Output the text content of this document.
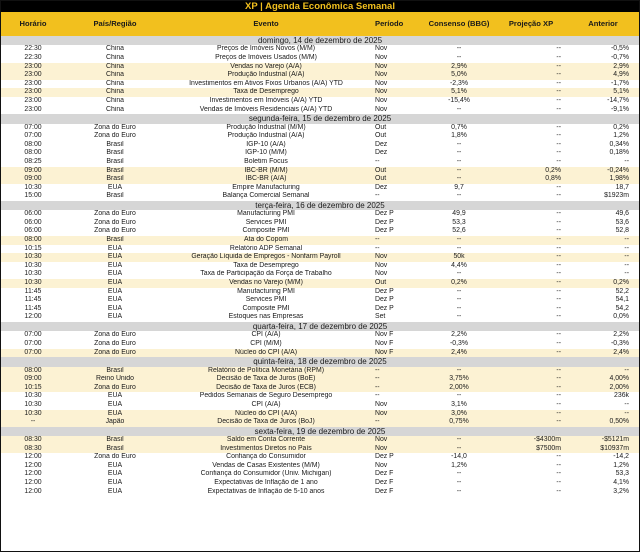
XP | Agenda Econômica Semanal
Horário	País/Região	Evento	Período	Consenso (BBG)	Projeção XP	Anterior
domingo, 14 de dezembro de 2025
22:30	China	Preços de Imóveis Novos (M/M)	Nov	--	--	-0,5%
22:30	China	Preços de Imóveis Usados (M/M)	Nov	--	--	-0,7%
23:00	China	Vendas no Varejo (A/A)	Nov	2,9%	--	2,9%
23:00	China	Produção Industrial (A/A)	Nov	5,0%	--	4,9%
23:00	China	Investimentos em Ativos Fixos Urbanos (A/A) YTD	Nov	-2,3%	--	-1,7%
23:00	China	Taxa de Desemprego	Nov	5,1%	--	5,1%
23:00	China	Investimentos em Imóveis (A/A) YTD	Nov	-15,4%	--	-14,7%
23:00	China	Vendas de Imóveis Residenciais (A/A) YTD	Nov	--	--	-9,1%
segunda-feira, 15 de dezembro de 2025
07:00	Zona do Euro	Produção Industrial (M/M)	Out	0,7%	--	0,2%
07:00	Zona do Euro	Produção Industrial (A/A)	Out	1,8%	--	1,2%
08:00	Brasil	IGP-10 (A/A)	Dez	--	--	0,34%
08:00	Brasil	IGP-10 (M/M)	Dez	--	--	0,18%
08:25	Brasil	Boletim Focus	--	--	--	--
09:00	Brasil	IBC-BR (M/M)	Out	--	0,2%	-0,24%
09:00	Brasil	IBC-BR (A/A)	Out	--	0,8%	1,98%
10:30	EUA	Empire Manufacturing	Dez	9,7	--	18,7
15:00	Brasil	Balança Comercial Semanal	--	--	--	$1923m
terça-feira, 16 de dezembro de 2025
06:00	Zona do Euro	Manufacturing PMI	Dez P	49,9	--	49,6
06:00	Zona do Euro	Services PMI	Dez P	53,3	--	53,6
06:00	Zona do Euro	Composite PMI	Dez P	52,6	--	52,8
08:00	Brasil	Ata do Copom	--	--	--	--
10:15	EUA	Relatório ADP Semanal	--	--	--	--
10:30	EUA	Geração Líquida de Empregos - Nonfarm Payroll	Nov	50k	--	--
10:30	EUA	Taxa de Desemprego	Nov	4,4%	--	--
10:30	EUA	Taxa de Participação da Força de Trabalho	Nov	--	--	--
10:30	EUA	Vendas no Varejo (M/M)	Out	0,2%	--	0,2%
11:45	EUA	Manufacturing PMI	Dez P	--	--	52,2
11:45	EUA	Services PMI	Dez P	--	--	54,1
11:45	EUA	Composite PMI	Dez P	--	--	54,2
12:00	EUA	Estoques nas Empresas	Set	--	--	0,0%
quarta-feira, 17 de dezembro de 2025
07:00	Zona do Euro	CPI (A/A)	Nov F	2,2%	--	2,2%
07:00	Zona do Euro	CPI (M/M)	Nov F	-0,3%	--	-0,3%
07:00	Zona do Euro	Núcleo do CPI (A/A)	Nov F	2,4%	--	2,4%
quinta-feira, 18 de dezembro de 2025
08:00	Brasil	Relatório de Política Monetária (RPM)	--	--	--	--
09:00	Reino Unido	Decisão de Taxa de Juros (BoE)	--	3,75%	--	4,00%
10:15	Zona do Euro	Decisão de Taxa de Juros (ECB)	--	2,00%	--	2,00%
10:30	EUA	Pedidos Semanais de Seguro Desemprego	--	--	--	236k
10:30	EUA	CPI (A/A)	Nov	3,1%	--	--
10:30	EUA	Núcleo do CPI (A/A)	Nov	3,0%	--	--
--	Japão	Decisão de Taxa de Juros (BoJ)	--	0,75%	--	0,50%
sexta-feira, 19 de dezembro de 2025
08:30	Brasil	Saldo em Conta Corrente	Nov	--	-$4300m	-$5121m
08:30	Brasil	Investimentos Diretos no País	Nov	--	$7500m	$10937m
12:00	Zona do Euro	Confiança do Consumidor	Dez P	-14,0	--	-14,2
12:00	EUA	Vendas de Casas Existentes (M/M)	Nov	1,2%	--	1,2%
12:00	EUA	Confiança do Consumidor (Univ. Michigan)	Dez F	--	--	53,3
12:00	EUA	Expectativas de Inflação de 1 ano	Dez F	--	--	4,1%
12:00	EUA	Expectativas de Inflação de 5-10 anos	Dez F	--	--	3,2%
